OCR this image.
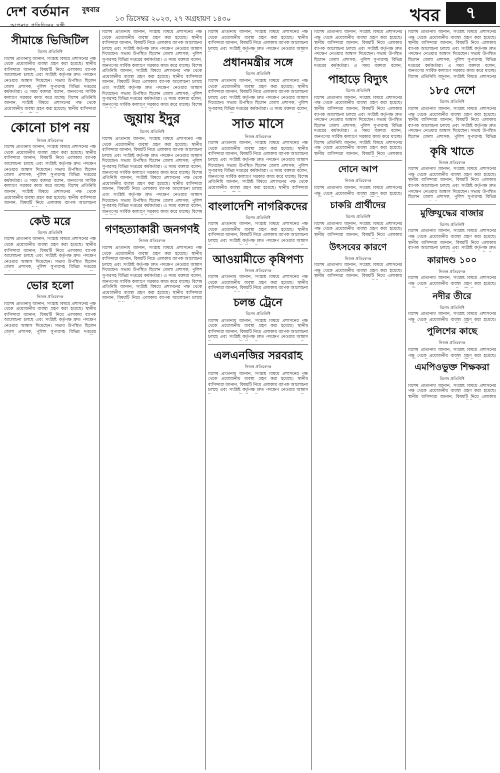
দেশ বর্তমান
আপনার প্রতিদিনের সঙ্গী
বুধবার
১৩ ডিসেম্বর ২০২৩, ২৭ অগ্রহায়ণ ১৪৩০	খবর	৭
সীমান্তে ভিজিটিল
বিশেষ প্রতিনিধি
বিশেষ প্রতিনিধি জানান, সংশ্লিষ্ট বিষয়ে প্রশাসনের পক্ষ থেকে প্রয়োজনীয় ব্যবস্থা গ্রহণ করা হয়েছে। স্থানীয় বাসিন্দারা জানান, বিষয়টি নিয়ে এলাকায় ব্যাপক আলোচনা চলছে এবং সংশ্লিষ্ট কর্তৃপক্ষ দ্রুত পদক্ষেপ নেওয়ার আশ্বাস দিয়েছেন। সভায় উপস্থিত ছিলেন জেলা প্রশাসক, পুলিশ সুপারসহ বিভিন্ন দপ্তরের কর্মকর্তারা। এ সময় বক্তারা বলেন, জনগণের সার্বিক কল্যাণে সরকার কাজ করে যাচ্ছে। বিশেষ প্রতিনিধি জানান, সংশ্লিষ্ট বিষয়ে প্রশাসনের পক্ষ থেকে প্রয়োজনীয় ব্যবস্থা গ্রহণ করা হয়েছে। স্থানীয় বাসিন্দারা
কোনো চাপ নয়
নিজস্ব প্রতিবেদক
বিশেষ প্রতিনিধি জানান, সংশ্লিষ্ট বিষয়ে প্রশাসনের পক্ষ থেকে প্রয়োজনীয় ব্যবস্থা গ্রহণ করা হয়েছে। স্থানীয় বাসিন্দারা জানান, বিষয়টি নিয়ে এলাকায় ব্যাপক আলোচনা চলছে এবং সংশ্লিষ্ট কর্তৃপক্ষ দ্রুত পদক্ষেপ নেওয়ার আশ্বাস দিয়েছেন। সভায় উপস্থিত ছিলেন জেলা প্রশাসক, পুলিশ সুপারসহ বিভিন্ন দপ্তরের কর্মকর্তারা। এ সময় বক্তারা বলেন, জনগণের সার্বিক কল্যাণে সরকার কাজ করে যাচ্ছে। বিশেষ প্রতিনিধি জানান, সংশ্লিষ্ট বিষয়ে প্রশাসনের পক্ষ থেকে প্রয়োজনীয় ব্যবস্থা গ্রহণ করা হয়েছে। স্থানীয় বাসিন্দারা জানান, বিষয়টি নিয়ে এলাকায় ব্যাপক আলোচনা
কেউ মরে
বিশেষ প্রতিনিধি
বিশেষ প্রতিনিধি জানান, সংশ্লিষ্ট বিষয়ে প্রশাসনের পক্ষ থেকে প্রয়োজনীয় ব্যবস্থা গ্রহণ করা হয়েছে। স্থানীয় বাসিন্দারা জানান, বিষয়টি নিয়ে এলাকায় ব্যাপক আলোচনা চলছে এবং সংশ্লিষ্ট কর্তৃপক্ষ দ্রুত পদক্ষেপ নেওয়ার আশ্বাস দিয়েছেন। সভায় উপস্থিত ছিলেন জেলা প্রশাসক, পুলিশ সুপারসহ বিভিন্ন দপ্তরের
ভোর হলো
নিজস্ব প্রতিবেদক
বিশেষ প্রতিনিধি জানান, সংশ্লিষ্ট বিষয়ে প্রশাসনের পক্ষ থেকে প্রয়োজনীয় ব্যবস্থা গ্রহণ করা হয়েছে। স্থানীয় বাসিন্দারা জানান, বিষয়টি নিয়ে এলাকায় ব্যাপক আলোচনা চলছে এবং সংশ্লিষ্ট কর্তৃপক্ষ দ্রুত পদক্ষেপ নেওয়ার আশ্বাস দিয়েছেন। সভায় উপস্থিত ছিলেন জেলা প্রশাসক, পুলিশ সুপারসহ বিভিন্ন দপ্তরের
বিশেষ প্রতিনিধি জানান, সংশ্লিষ্ট বিষয়ে প্রশাসনের পক্ষ থেকে প্রয়োজনীয় ব্যবস্থা গ্রহণ করা হয়েছে। স্থানীয় বাসিন্দারা জানান, বিষয়টি নিয়ে এলাকায় ব্যাপক আলোচনা চলছে এবং সংশ্লিষ্ট কর্তৃপক্ষ দ্রুত পদক্ষেপ নেওয়ার আশ্বাস দিয়েছেন। সভায় উপস্থিত ছিলেন জেলা প্রশাসক, পুলিশ সুপারসহ বিভিন্ন দপ্তরের কর্মকর্তারা। এ সময় বক্তারা বলেন, জনগণের সার্বিক কল্যাণে সরকার কাজ করে যাচ্ছে। বিশেষ প্রতিনিধি জানান, সংশ্লিষ্ট বিষয়ে প্রশাসনের পক্ষ থেকে প্রয়োজনীয় ব্যবস্থা গ্রহণ করা হয়েছে। স্থানীয় বাসিন্দারা জানান, বিষয়টি নিয়ে এলাকায় ব্যাপক আলোচনা চলছে এবং সংশ্লিষ্ট কর্তৃপক্ষ দ্রুত পদক্ষেপ নেওয়ার আশ্বাস দিয়েছেন। সভায় উপস্থিত ছিলেন জেলা প্রশাসক, পুলিশ সুপারসহ বিভিন্ন দপ্তরের কর্মকর্তারা। এ সময় বক্তারা বলেন, জনগণের সার্বিক কল্যাণে সরকার কাজ করে যাচ্ছে। বিশেষ
জুয়ায় ইদুর
বিশেষ প্রতিনিধি
বিশেষ প্রতিনিধি জানান, সংশ্লিষ্ট বিষয়ে প্রশাসনের পক্ষ থেকে প্রয়োজনীয় ব্যবস্থা গ্রহণ করা হয়েছে। স্থানীয় বাসিন্দারা জানান, বিষয়টি নিয়ে এলাকায় ব্যাপক আলোচনা চলছে এবং সংশ্লিষ্ট কর্তৃপক্ষ দ্রুত পদক্ষেপ নেওয়ার আশ্বাস দিয়েছেন। সভায় উপস্থিত ছিলেন জেলা প্রশাসক, পুলিশ সুপারসহ বিভিন্ন দপ্তরের কর্মকর্তারা। এ সময় বক্তারা বলেন, জনগণের সার্বিক কল্যাণে সরকার কাজ করে যাচ্ছে। বিশেষ প্রতিনিধি জানান, সংশ্লিষ্ট বিষয়ে প্রশাসনের পক্ষ থেকে প্রয়োজনীয় ব্যবস্থা গ্রহণ করা হয়েছে। স্থানীয় বাসিন্দারা জানান, বিষয়টি নিয়ে এলাকায় ব্যাপক আলোচনা চলছে এবং সংশ্লিষ্ট কর্তৃপক্ষ দ্রুত পদক্ষেপ নেওয়ার আশ্বাস দিয়েছেন। সভায় উপস্থিত ছিলেন জেলা প্রশাসক, পুলিশ সুপারসহ বিভিন্ন দপ্তরের কর্মকর্তারা। এ সময় বক্তারা বলেন, জনগণের সার্বিক কল্যাণে সরকার কাজ করে যাচ্ছে। বিশেষ
গণহত্যাকারী জনগণই
নিজস্ব প্রতিবেদক
বিশেষ প্রতিনিধি জানান, সংশ্লিষ্ট বিষয়ে প্রশাসনের পক্ষ থেকে প্রয়োজনীয় ব্যবস্থা গ্রহণ করা হয়েছে। স্থানীয় বাসিন্দারা জানান, বিষয়টি নিয়ে এলাকায় ব্যাপক আলোচনা চলছে এবং সংশ্লিষ্ট কর্তৃপক্ষ দ্রুত পদক্ষেপ নেওয়ার আশ্বাস দিয়েছেন। সভায় উপস্থিত ছিলেন জেলা প্রশাসক, পুলিশ সুপারসহ বিভিন্ন দপ্তরের কর্মকর্তারা। এ সময় বক্তারা বলেন, জনগণের সার্বিক কল্যাণে সরকার কাজ করে যাচ্ছে। বিশেষ প্রতিনিধি জানান, সংশ্লিষ্ট বিষয়ে প্রশাসনের পক্ষ থেকে প্রয়োজনীয় ব্যবস্থা গ্রহণ করা হয়েছে। স্থানীয় বাসিন্দারা জানান, বিষয়টি নিয়ে এলাকায় ব্যাপক আলোচনা চলছে
বিশেষ প্রতিনিধি জানান, সংশ্লিষ্ট বিষয়ে প্রশাসনের পক্ষ থেকে প্রয়োজনীয় ব্যবস্থা গ্রহণ করা হয়েছে। স্থানীয় বাসিন্দারা জানান, বিষয়টি নিয়ে এলাকায় ব্যাপক আলোচনা চলছে এবং সংশ্লিষ্ট কর্তৃপক্ষ দ্রুত পদক্ষেপ নেওয়ার আশ্বাস
প্রধানমন্ত্রীর সঙ্গে
বিশেষ প্রতিনিধি
বিশেষ প্রতিনিধি জানান, সংশ্লিষ্ট বিষয়ে প্রশাসনের পক্ষ থেকে প্রয়োজনীয় ব্যবস্থা গ্রহণ করা হয়েছে। স্থানীয় বাসিন্দারা জানান, বিষয়টি নিয়ে এলাকায় ব্যাপক আলোচনা চলছে এবং সংশ্লিষ্ট কর্তৃপক্ষ দ্রুত পদক্ষেপ নেওয়ার আশ্বাস দিয়েছেন। সভায় উপস্থিত ছিলেন জেলা প্রশাসক, পুলিশ সুপারসহ বিভিন্ন দপ্তরের কর্মকর্তারা। এ সময় বক্তারা বলেন,
সাত মাসে
নিজস্ব প্রতিবেদক
বিশেষ প্রতিনিধি জানান, সংশ্লিষ্ট বিষয়ে প্রশাসনের পক্ষ থেকে প্রয়োজনীয় ব্যবস্থা গ্রহণ করা হয়েছে। স্থানীয় বাসিন্দারা জানান, বিষয়টি নিয়ে এলাকায় ব্যাপক আলোচনা চলছে এবং সংশ্লিষ্ট কর্তৃপক্ষ দ্রুত পদক্ষেপ নেওয়ার আশ্বাস দিয়েছেন। সভায় উপস্থিত ছিলেন জেলা প্রশাসক, পুলিশ সুপারসহ বিভিন্ন দপ্তরের কর্মকর্তারা। এ সময় বক্তারা বলেন, জনগণের সার্বিক কল্যাণে সরকার কাজ করে যাচ্ছে। বিশেষ প্রতিনিধি জানান, সংশ্লিষ্ট বিষয়ে প্রশাসনের পক্ষ থেকে প্রয়োজনীয় ব্যবস্থা গ্রহণ করা হয়েছে। স্থানীয় বাসিন্দারা
বাংলাদেশি নাগরিকদের
বিশেষ প্রতিনিধি
বিশেষ প্রতিনিধি জানান, সংশ্লিষ্ট বিষয়ে প্রশাসনের পক্ষ থেকে প্রয়োজনীয় ব্যবস্থা গ্রহণ করা হয়েছে। স্থানীয় বাসিন্দারা জানান, বিষয়টি নিয়ে এলাকায় ব্যাপক আলোচনা চলছে এবং সংশ্লিষ্ট কর্তৃপক্ষ দ্রুত পদক্ষেপ নেওয়ার আশ্বাস
আওয়ামীতে কৃষিপণ্য
নিজস্ব প্রতিবেদক
বিশেষ প্রতিনিধি জানান, সংশ্লিষ্ট বিষয়ে প্রশাসনের পক্ষ থেকে প্রয়োজনীয় ব্যবস্থা গ্রহণ করা হয়েছে। স্থানীয় বাসিন্দারা জানান, বিষয়টি নিয়ে এলাকায় ব্যাপক আলোচনা
চলন্ত ট্রেনে
বিশেষ প্রতিনিধি
বিশেষ প্রতিনিধি জানান, সংশ্লিষ্ট বিষয়ে প্রশাসনের পক্ষ থেকে প্রয়োজনীয় ব্যবস্থা গ্রহণ করা হয়েছে। স্থানীয় বাসিন্দারা জানান, বিষয়টি নিয়ে এলাকায় ব্যাপক আলোচনা চলছে এবং সংশ্লিষ্ট কর্তৃপক্ষ দ্রুত পদক্ষেপ নেওয়ার আশ্বাস
এলএনজির সরবরাহ
নিজস্ব প্রতিবেদক
বিশেষ প্রতিনিধি জানান, সংশ্লিষ্ট বিষয়ে প্রশাসনের পক্ষ থেকে প্রয়োজনীয় ব্যবস্থা গ্রহণ করা হয়েছে। স্থানীয় বাসিন্দারা জানান, বিষয়টি নিয়ে এলাকায় ব্যাপক আলোচনা চলছে এবং সংশ্লিষ্ট কর্তৃপক্ষ দ্রুত পদক্ষেপ নেওয়ার আশ্বাস
বিশেষ প্রতিনিধি জানান, সংশ্লিষ্ট বিষয়ে প্রশাসনের পক্ষ থেকে প্রয়োজনীয় ব্যবস্থা গ্রহণ করা হয়েছে। স্থানীয় বাসিন্দারা জানান, বিষয়টি নিয়ে এলাকায় ব্যাপক আলোচনা চলছে এবং সংশ্লিষ্ট কর্তৃপক্ষ দ্রুত পদক্ষেপ নেওয়ার আশ্বাস দিয়েছেন। সভায় উপস্থিত ছিলেন জেলা প্রশাসক, পুলিশ সুপারসহ বিভিন্ন দপ্তরের কর্মকর্তারা। এ সময় বক্তারা বলেন,
পাহাড়ে বিদ্যুৎ
বিশেষ প্রতিনিধি
বিশেষ প্রতিনিধি জানান, সংশ্লিষ্ট বিষয়ে প্রশাসনের পক্ষ থেকে প্রয়োজনীয় ব্যবস্থা গ্রহণ করা হয়েছে। স্থানীয় বাসিন্দারা জানান, বিষয়টি নিয়ে এলাকায় ব্যাপক আলোচনা চলছে এবং সংশ্লিষ্ট কর্তৃপক্ষ দ্রুত পদক্ষেপ নেওয়ার আশ্বাস দিয়েছেন। সভায় উপস্থিত ছিলেন জেলা প্রশাসক, পুলিশ সুপারসহ বিভিন্ন দপ্তরের কর্মকর্তারা। এ সময় বক্তারা বলেন, জনগণের সার্বিক কল্যাণে সরকার কাজ করে যাচ্ছে। বিশেষ প্রতিনিধি জানান, সংশ্লিষ্ট বিষয়ে প্রশাসনের পক্ষ থেকে প্রয়োজনীয় ব্যবস্থা গ্রহণ করা হয়েছে। স্থানীয় বাসিন্দারা জানান, বিষয়টি নিয়ে এলাকায়
দোনে আপ
নিজস্ব প্রতিবেদক
বিশেষ প্রতিনিধি জানান, সংশ্লিষ্ট বিষয়ে প্রশাসনের পক্ষ থেকে প্রয়োজনীয় ব্যবস্থা গ্রহণ করা হয়েছে।
চাকরি প্রার্থীদের
বিশেষ প্রতিনিধি
বিশেষ প্রতিনিধি জানান, সংশ্লিষ্ট বিষয়ে প্রশাসনের পক্ষ থেকে প্রয়োজনীয় ব্যবস্থা গ্রহণ করা হয়েছে। স্থানীয় বাসিন্দারা জানান, বিষয়টি নিয়ে এলাকায়
উৎসবের কারণে
নিজস্ব প্রতিবেদক
বিশেষ প্রতিনিধি জানান, সংশ্লিষ্ট বিষয়ে প্রশাসনের পক্ষ থেকে প্রয়োজনীয় ব্যবস্থা গ্রহণ করা হয়েছে। স্থানীয় বাসিন্দারা জানান, বিষয়টি নিয়ে এলাকায়
বিশেষ প্রতিনিধি জানান, সংশ্লিষ্ট বিষয়ে প্রশাসনের পক্ষ থেকে প্রয়োজনীয় ব্যবস্থা গ্রহণ করা হয়েছে। স্থানীয় বাসিন্দারা জানান, বিষয়টি নিয়ে এলাকায় ব্যাপক আলোচনা চলছে এবং সংশ্লিষ্ট কর্তৃপক্ষ দ্রুত পদক্ষেপ নেওয়ার আশ্বাস দিয়েছেন। সভায় উপস্থিত ছিলেন জেলা প্রশাসক, পুলিশ সুপারসহ বিভিন্ন দপ্তরের কর্মকর্তারা। এ সময় বক্তারা বলেন, জনগণের সার্বিক কল্যাণে সরকার কাজ করে যাচ্ছে। বিশেষ প্রতিনিধি জানান, সংশ্লিষ্ট বিষয়ে প্রশাসনের
১৮৫ দেশে
বিশেষ প্রতিনিধি
বিশেষ প্রতিনিধি জানান, সংশ্লিষ্ট বিষয়ে প্রশাসনের পক্ষ থেকে প্রয়োজনীয় ব্যবস্থা গ্রহণ করা হয়েছে। স্থানীয় বাসিন্দারা জানান, বিষয়টি নিয়ে এলাকায় ব্যাপক আলোচনা চলছে এবং সংশ্লিষ্ট কর্তৃপক্ষ দ্রুত পদক্ষেপ নেওয়ার আশ্বাস দিয়েছেন। সভায় উপস্থিত ছিলেন জেলা প্রশাসক, পুলিশ সুপারসহ বিভিন্ন
কৃষি খাতে
নিজস্ব প্রতিবেদক
বিশেষ প্রতিনিধি জানান, সংশ্লিষ্ট বিষয়ে প্রশাসনের পক্ষ থেকে প্রয়োজনীয় ব্যবস্থা গ্রহণ করা হয়েছে। স্থানীয় বাসিন্দারা জানান, বিষয়টি নিয়ে এলাকায় ব্যাপক আলোচনা চলছে এবং সংশ্লিষ্ট কর্তৃপক্ষ দ্রুত পদক্ষেপ নেওয়ার আশ্বাস দিয়েছেন। সভায় উপস্থিত ছিলেন জেলা প্রশাসক, পুলিশ সুপারসহ বিভিন্ন
মুক্তিযুদ্ধের বাজার
বিশেষ প্রতিনিধি
বিশেষ প্রতিনিধি জানান, সংশ্লিষ্ট বিষয়ে প্রশাসনের পক্ষ থেকে প্রয়োজনীয় ব্যবস্থা গ্রহণ করা হয়েছে। স্থানীয় বাসিন্দারা জানান, বিষয়টি নিয়ে এলাকায় ব্যাপক আলোচনা চলছে এবং সংশ্লিষ্ট কর্তৃপক্ষ দ্রুত
কারাদণ্ড ১০০
নিজস্ব প্রতিবেদক
বিশেষ প্রতিনিধি জানান, সংশ্লিষ্ট বিষয়ে প্রশাসনের পক্ষ থেকে প্রয়োজনীয় ব্যবস্থা গ্রহণ করা হয়েছে।
নদীর তীরে
বিশেষ প্রতিনিধি
বিশেষ প্রতিনিধি জানান, সংশ্লিষ্ট বিষয়ে প্রশাসনের পক্ষ থেকে প্রয়োজনীয় ব্যবস্থা গ্রহণ করা হয়েছে।
পুলিশের কাছে
নিজস্ব প্রতিবেদক
বিশেষ প্রতিনিধি জানান, সংশ্লিষ্ট বিষয়ে প্রশাসনের পক্ষ থেকে প্রয়োজনীয় ব্যবস্থা গ্রহণ করা হয়েছে।
এমপিওভুক্ত শিক্ষকরা
বিশেষ প্রতিনিধি
বিশেষ প্রতিনিধি জানান, সংশ্লিষ্ট বিষয়ে প্রশাসনের পক্ষ থেকে প্রয়োজনীয় ব্যবস্থা গ্রহণ করা হয়েছে। স্থানীয় বাসিন্দারা জানান, বিষয়টি নিয়ে এলাকায়
